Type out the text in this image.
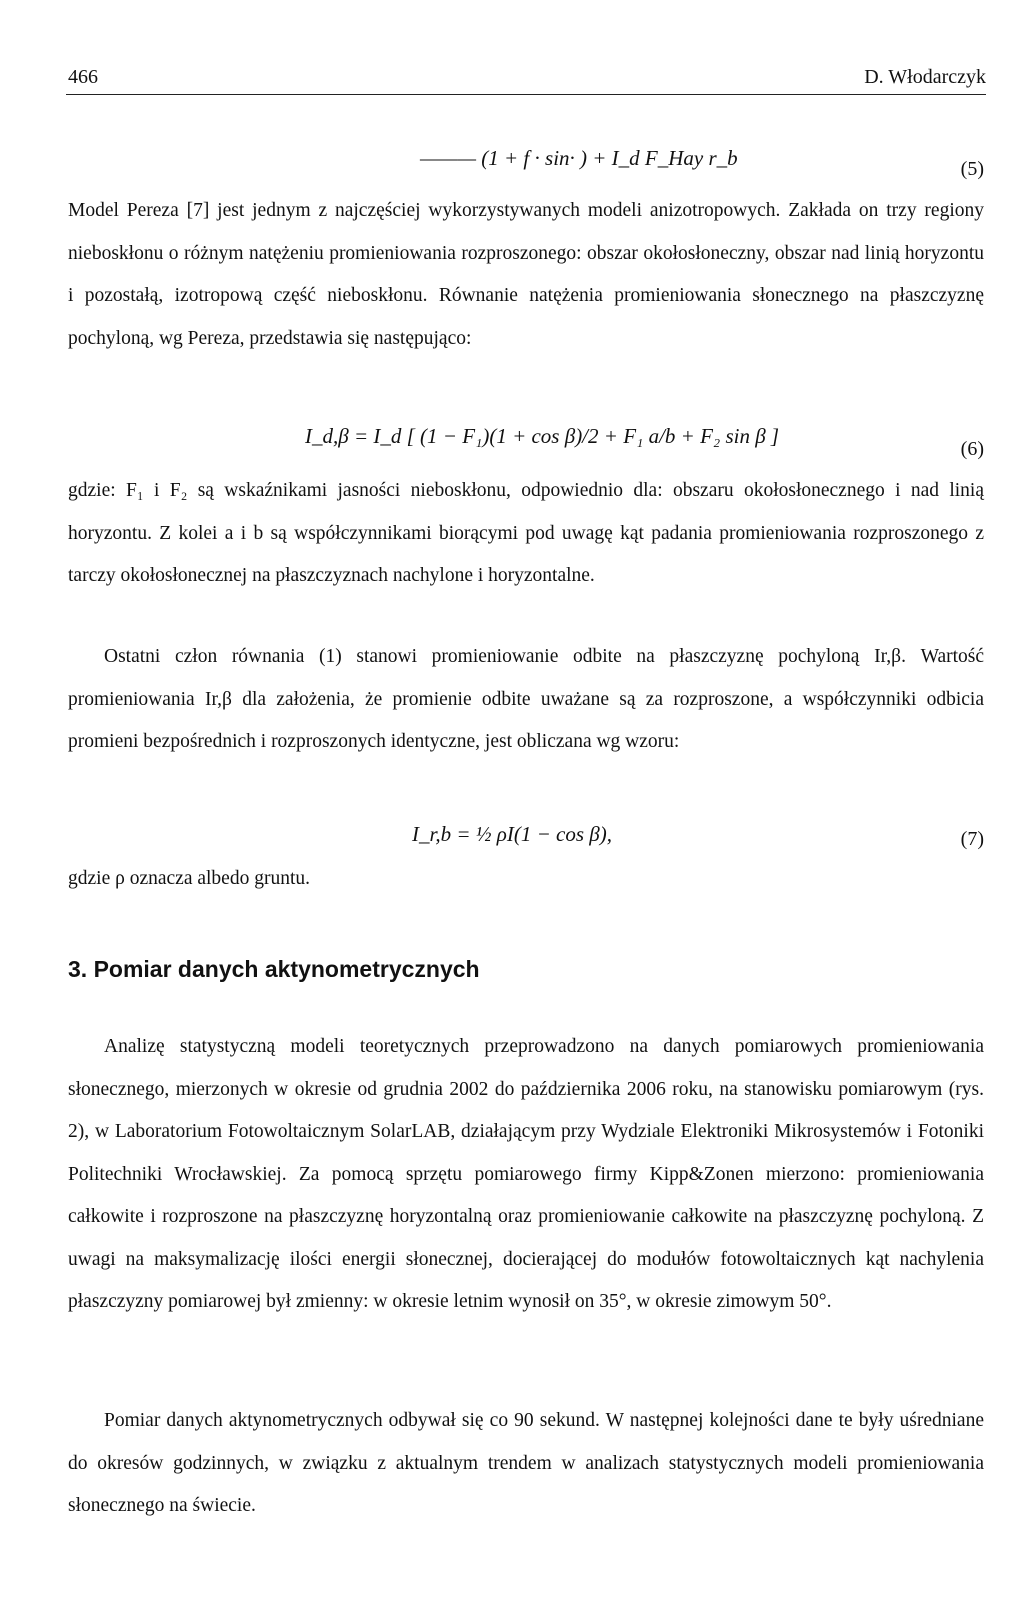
466	D. Włodarczyk
——— (1 + f · sin· ) + I_d F_Hay r_b	(5)

Model Pereza [7] jest jednym z najczęściej wykorzystywanych modeli anizotropowych. Zakłada on trzy regiony nieboskłonu o różnym natężeniu promieniowania rozproszonego: obszar okołosłoneczny, obszar nad linią horyzontu i pozostałą, izotropową część nieboskłonu. Równanie natężenia promieniowania słonecznego na płaszczyznę pochyloną, wg Pereza, przedstawia się następująco:

I_d,β = I_d [ (1 − F₁)(1 + cos β)/2 + F₁ a/b + F₂ sin β ]
(6)

gdzie: F₁ i F₂ są wskaźnikami jasności nieboskłonu, odpowiednio dla: obszaru okołosłonecznego i nad linią horyzontu. Z kolei a i b są współczynnikami biorącymi pod uwagę kąt padania promieniowania rozproszonego z tarczy okołosłonecznej na płaszczyznach nachylone i horyzontalne.

Ostatni człon równania (1) stanowi promieniowanie odbite na płaszczyznę pochyloną Ir,β. Wartość promieniowania Ir,β dla założenia, że promienie odbite uważane są za rozproszone, a współczynniki odbicia promieni bezpośrednich i rozproszonych identyczne, jest obliczana wg wzoru:

I_r,b = ½ ρI(1 − cos β),	(7)

gdzie ρ oznacza albedo gruntu.

3. Pomiar danych aktynometrycznych

Analizę statystyczną modeli teoretycznych przeprowadzono na danych pomiarowych promieniowania słonecznego, mierzonych w okresie od grudnia 2002 do października 2006 roku, na stanowisku pomiarowym (rys. 2), w Laboratorium Fotowoltaicznym SolarLAB, działającym przy Wydziale Elektroniki Mikrosystemów i Fotoniki Politechniki Wrocławskiej. Za pomocą sprzętu pomiarowego firmy Kipp&Zonen mierzono: promieniowania całkowite i rozproszone na płaszczyznę horyzontalną oraz promieniowanie całkowite na płaszczyznę pochyloną. Z uwagi na maksymalizację ilości energii słonecznej, docierającej do modułów fotowoltaicznych kąt nachylenia płaszczyzny pomiarowej był zmienny: w okresie letnim wynosił on 35°, w okresie zimowym 50°.

Pomiar danych aktynometrycznych odbywał się co 90 sekund. W następnej kolejności dane te były uśredniane do okresów godzinnych, w związku z aktualnym trendem w analizach statystycznych modeli promieniowania słonecznego na świecie.
